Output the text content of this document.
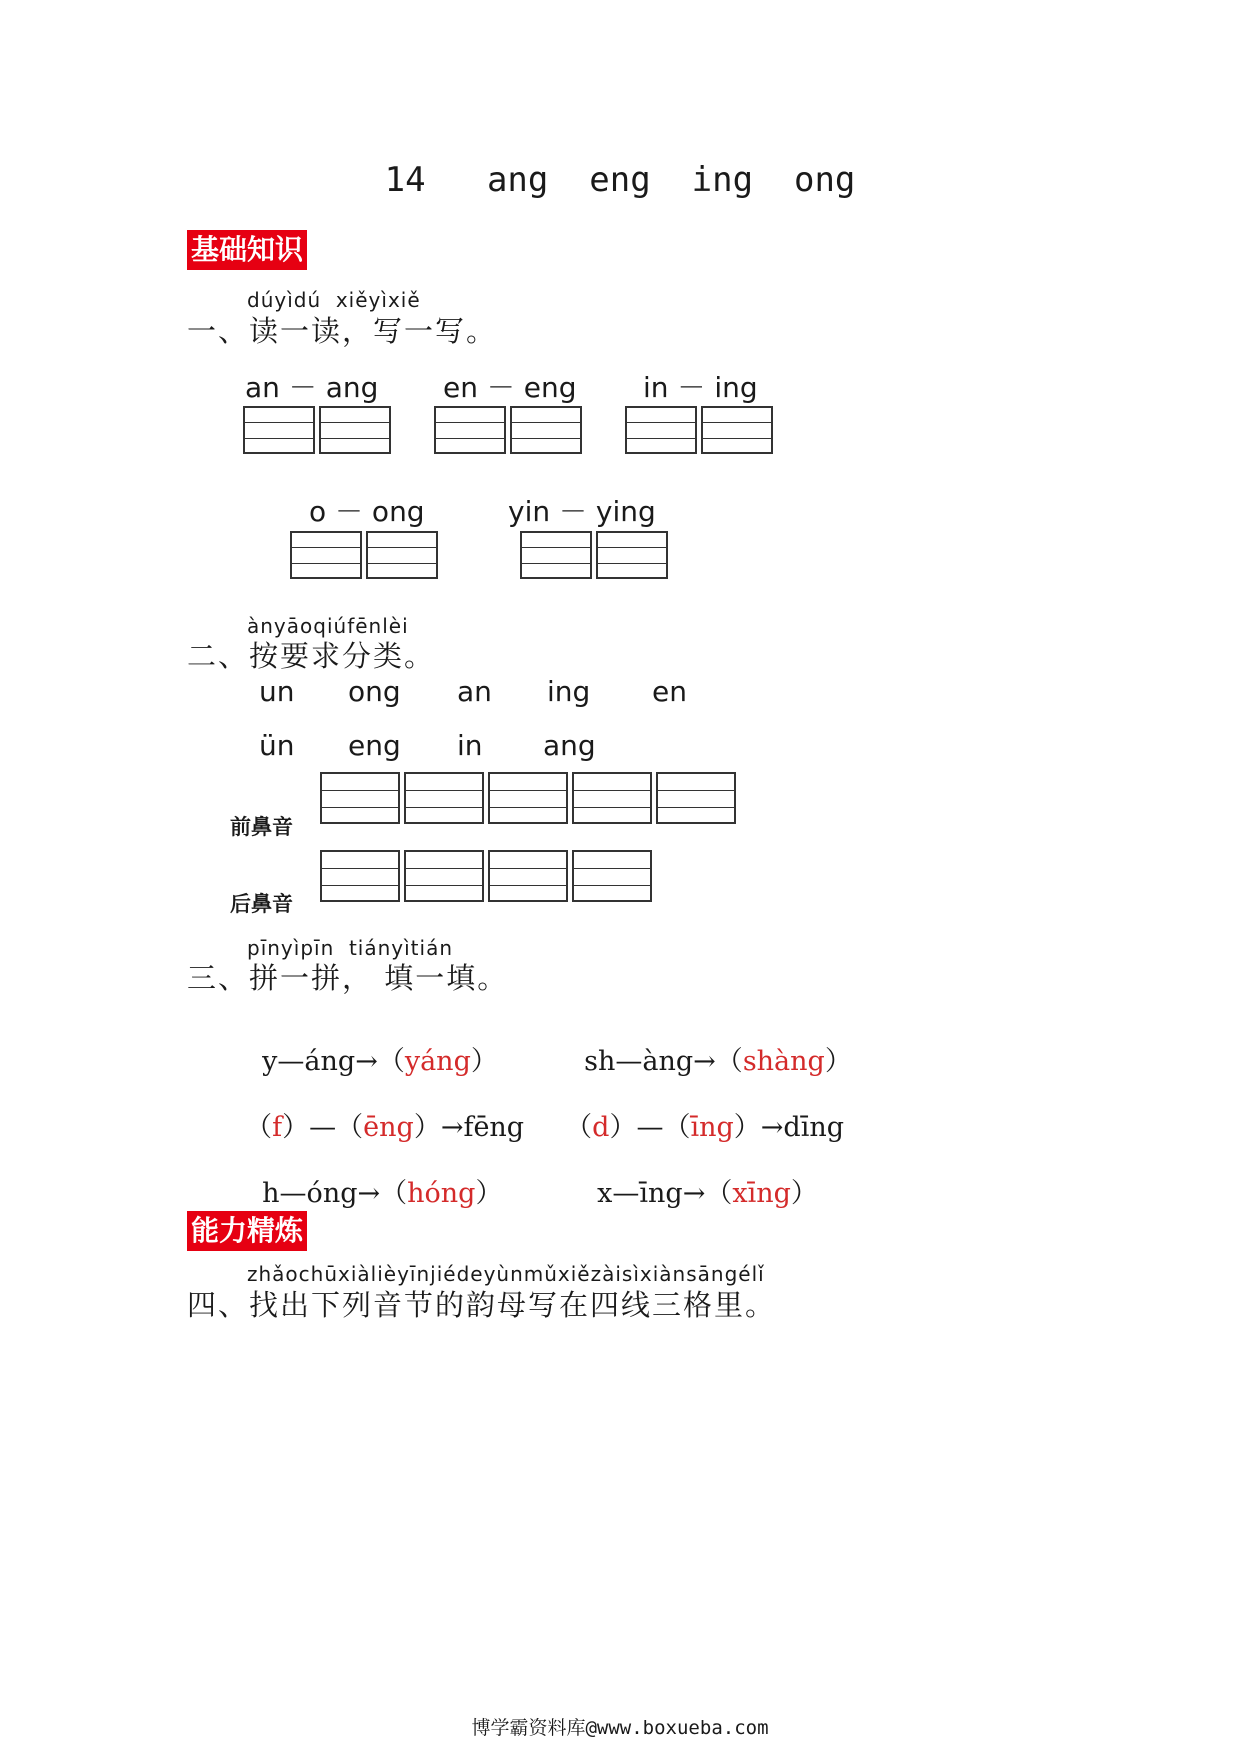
14   ang  eng  ing  ong
基础知识
dúyìdú  xiěyìxiě
一、读一读，写一写。
an － ang en － eng in － ing
o － ong	yin － ying
ànyāoqiúfēnlèi
二、按要求分类。
un ong an ing en
ün eng in ang
前鼻音
后鼻音
pīnyìpīn  tiányìtián
三、拼一拼， 填一填。

y—áng→（yáng）	sh—àng→（shàng）

（f）—（ēng）→fēng	（d）—（īng）→dīng

h—óng→（hóng）	x—īng→（xīng）

能力精炼
zhǎochūxiàlièyīnjiédeyùnmǔxiězàisìxiànsāngélǐ
四、找出下列音节的韵母写在四线三格里。
博学霸资料库@www.boxueba.com
